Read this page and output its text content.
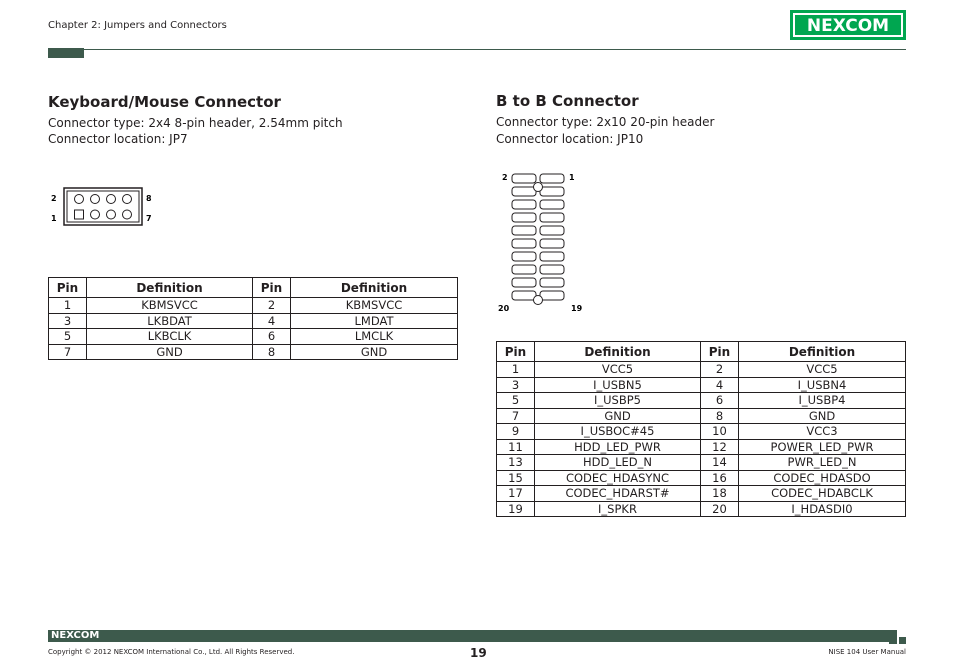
Chapter 2: Jumpers and Connectors	NEXCOM
Keyboard/Mouse Connector
Connector type: 2x4 8-pin header, 2.54mm pitch
Connector location: JP7
2
1
8
7
Pin	Definition	Pin	Definition
1	KBMSVCC	2	KBMSVCC
3	LKBDAT	4	LMDAT
5	LKBCLK	6	LMCLK
7	GND	8	GND
B to B Connector
Connector type: 2x10 20-pin header
Connector location: JP10
2	1
20	19
Pin	Definition	Pin	Definition
1	VCC5	2	VCC5
3	I_USBN5	4	I_USBN4
5	I_USBP5	6	I_USBP4
7	GND	8	GND
9	I_USBOC#45	10	VCC3
11	HDD_LED_PWR	12	POWER_LED_PWR
13	HDD_LED_N	14	PWR_LED_N
15	CODEC_HDASYNC	16	CODEC_HDASDO
17	CODEC_HDARST#	18	CODEC_HDABCLK
19	I_SPKR	20	I_HDASDI0
NEXCOM
Copyright © 2012 NEXCOM International Co., Ltd. All Rights Reserved.	19	NISE 104 User Manual
